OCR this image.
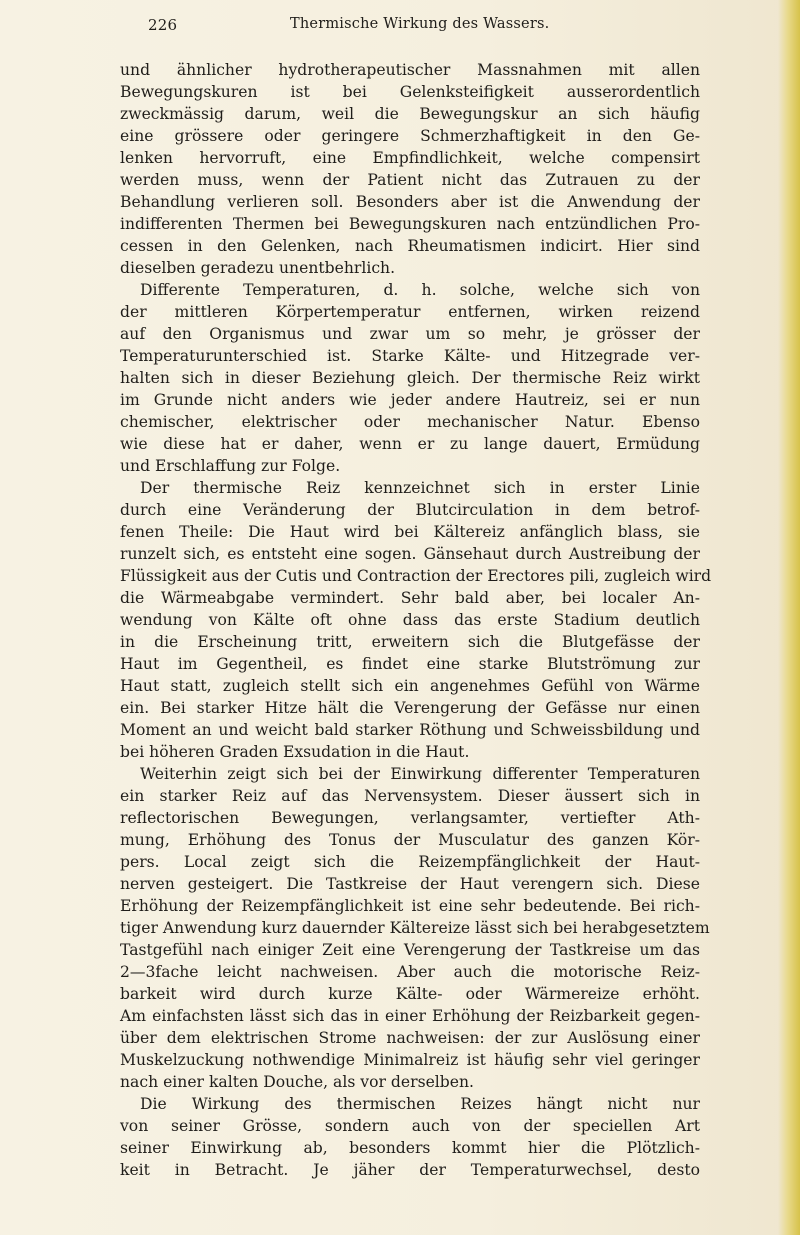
226	Thermische Wirkung des Wassers.
und ähnlicher hydrotherapeutischer Massnahmen mit allen
Bewegungskuren ist bei Gelenksteifigkeit ausserordentlich
zweckmässig darum, weil die Bewegungskur an sich häufig
eine grössere oder geringere Schmerzhaftigkeit in den Ge-
lenken hervorruft, eine Empfindlichkeit, welche compensirt
werden muss, wenn der Patient nicht das Zutrauen zu der
Behandlung verlieren soll. Besonders aber ist die Anwendung der
indifferenten Thermen bei Bewegungskuren nach entzündlichen Pro-
cessen in den Gelenken, nach Rheumatismen indicirt. Hier sind
dieselben geradezu unentbehrlich.
Differente Temperaturen, d. h. solche, welche sich von
der mittleren Körpertemperatur entfernen, wirken reizend
auf den Organismus und zwar um so mehr, je grösser der
Temperaturunterschied ist. Starke Kälte- und Hitzegrade ver-
halten sich in dieser Beziehung gleich. Der thermische Reiz wirkt
im Grunde nicht anders wie jeder andere Hautreiz, sei er nun
chemischer, elektrischer oder mechanischer Natur. Ebenso
wie diese hat er daher, wenn er zu lange dauert, Ermüdung
und Erschlaffung zur Folge.
Der thermische Reiz kennzeichnet sich in erster Linie
durch eine Veränderung der Blutcirculation in dem betrof-
fenen Theile: Die Haut wird bei Kältereiz anfänglich blass, sie
runzelt sich, es entsteht eine sogen. Gänsehaut durch Austreibung der
Flüssigkeit aus der Cutis und Contraction der Erectores pili, zugleich wird
die Wärmeabgabe vermindert. Sehr bald aber, bei localer An-
wendung von Kälte oft ohne dass das erste Stadium deutlich
in die Erscheinung tritt, erweitern sich die Blutgefässe der
Haut im Gegentheil, es findet eine starke Blutströmung zur
Haut statt, zugleich stellt sich ein angenehmes Gefühl von Wärme
ein. Bei starker Hitze hält die Verengerung der Gefässe nur einen
Moment an und weicht bald starker Röthung und Schweissbildung und
bei höheren Graden Exsudation in die Haut.
Weiterhin zeigt sich bei der Einwirkung differenter Temperaturen
ein starker Reiz auf das Nervensystem. Dieser äussert sich in
reflectorischen Bewegungen, verlangsamter, vertiefter Ath-
mung, Erhöhung des Tonus der Musculatur des ganzen Kör-
pers. Local zeigt sich die Reizempfänglichkeit der Haut-
nerven gesteigert. Die Tastkreise der Haut verengern sich. Diese
Erhöhung der Reizempfänglichkeit ist eine sehr bedeutende. Bei rich-
tiger Anwendung kurz dauernder Kältereize lässt sich bei herabgesetztem
Tastgefühl nach einiger Zeit eine Verengerung der Tastkreise um das
2—3fache leicht nachweisen. Aber auch die motorische Reiz-
barkeit wird durch kurze Kälte- oder Wärmereize erhöht.
Am einfachsten lässt sich das in einer Erhöhung der Reizbarkeit gegen-
über dem elektrischen Strome nachweisen: der zur Auslösung einer
Muskelzuckung nothwendige Minimalreiz ist häufig sehr viel geringer
nach einer kalten Douche, als vor derselben.
Die Wirkung des thermischen Reizes hängt nicht nur
von seiner Grösse, sondern auch von der speciellen Art
seiner Einwirkung ab, besonders kommt hier die Plötzlich-
keit in Betracht. Je jäher der Temperaturwechsel, desto
